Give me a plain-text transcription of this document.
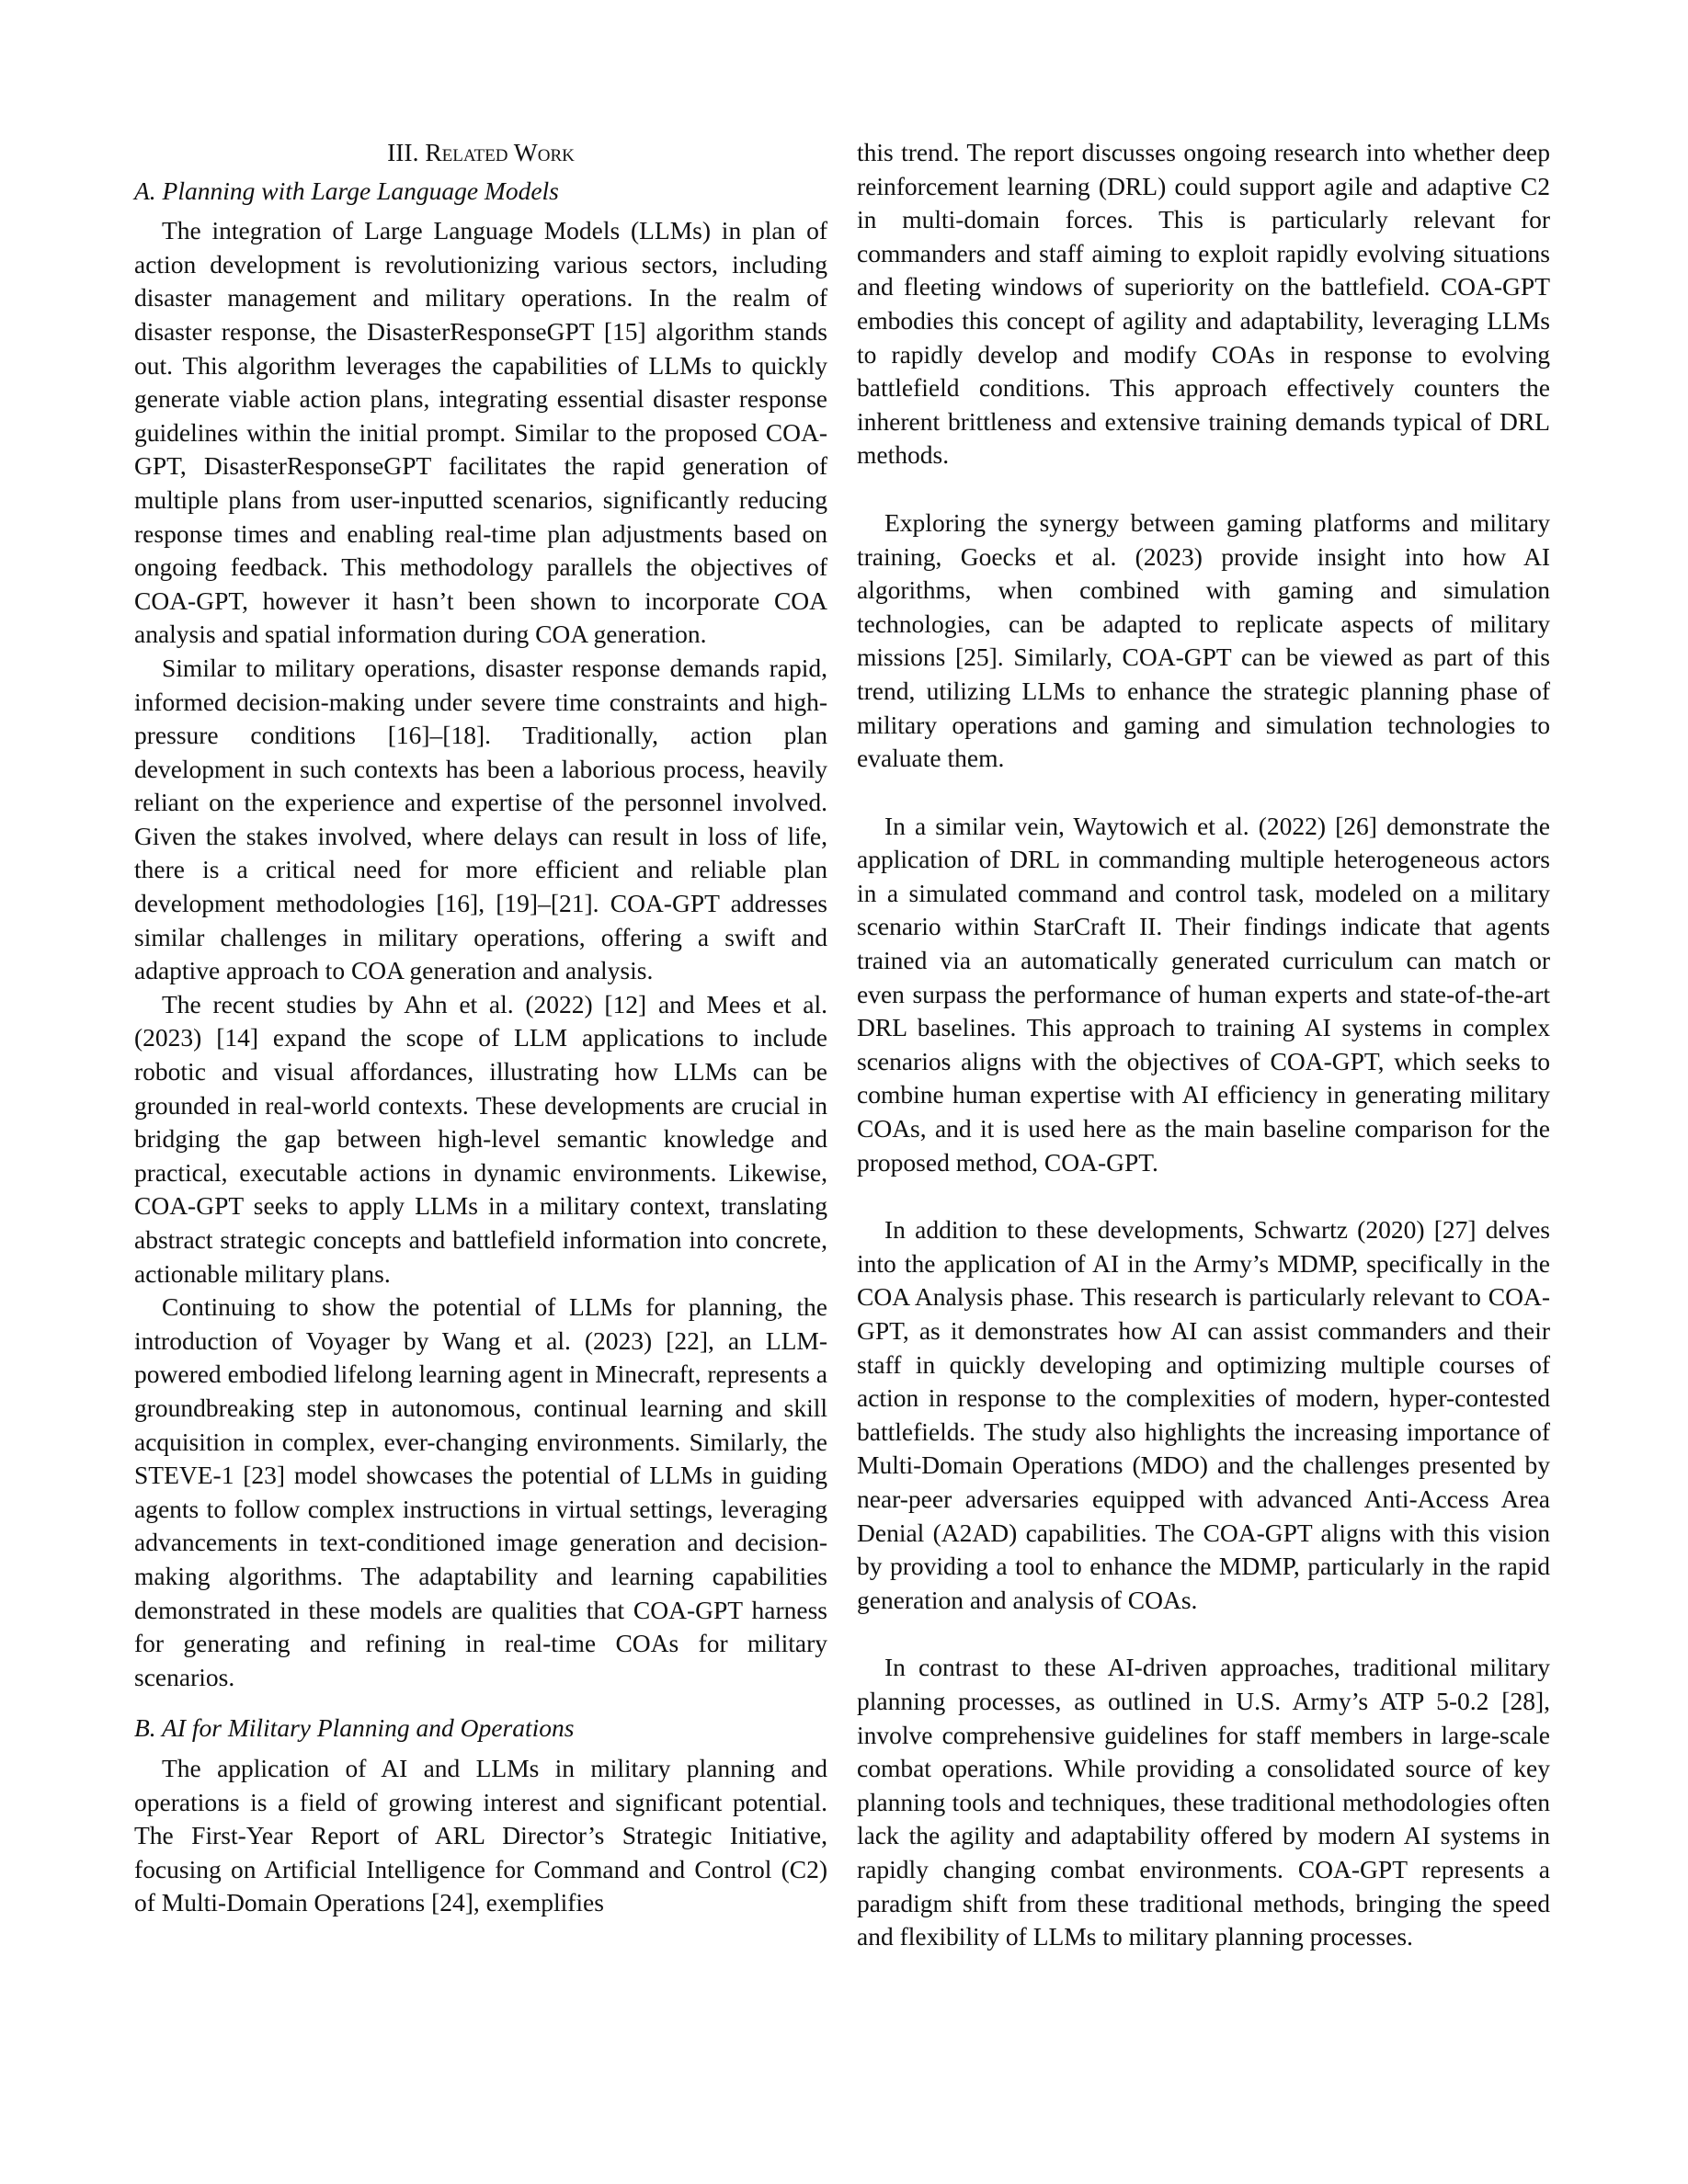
III. Related Work
A. Planning with Large Language Models

The integration of Large Language Models (LLMs) in plan of action development is revolutionizing various sectors, including disaster management and military operations. In the realm of disaster response, the DisasterResponseGPT [15] algorithm stands out. This algorithm leverages the capabilities of LLMs to quickly generate viable action plans, integrating essential disaster response guidelines within the initial prompt. Similar to the proposed COA-GPT, DisasterResponseGPT facilitates the rapid generation of multiple plans from user-inputted scenarios, significantly reducing response times and enabling real-time plan adjustments based on ongoing feedback. This methodology parallels the objectives of COA-GPT, however it hasn’t been shown to incorporate COA analysis and spatial information during COA generation.

Similar to military operations, disaster response demands rapid, informed decision-making under severe time constraints and high-pressure conditions [16]–[18]. Traditionally, action plan development in such contexts has been a laborious process, heavily reliant on the experience and expertise of the personnel involved. Given the stakes involved, where delays can result in loss of life, there is a critical need for more efficient and reliable plan development methodologies [16], [19]–[21]. COA-GPT addresses similar challenges in military operations, offering a swift and adaptive approach to COA generation and analysis.

The recent studies by Ahn et al. (2022) [12] and Mees et al. (2023) [14] expand the scope of LLM applications to include robotic and visual affordances, illustrating how LLMs can be grounded in real-world contexts. These developments are crucial in bridging the gap between high-level semantic knowledge and practical, executable actions in dynamic environments. Likewise, COA-GPT seeks to apply LLMs in a military context, translating abstract strategic concepts and battlefield information into concrete, actionable military plans.

Continuing to show the potential of LLMs for planning, the introduction of Voyager by Wang et al. (2023) [22], an LLM-powered embodied lifelong learning agent in Minecraft, represents a groundbreaking step in autonomous, continual learning and skill acquisition in complex, ever-changing environments. Similarly, the STEVE-1 [23] model showcases the potential of LLMs in guiding agents to follow complex instructions in virtual settings, leveraging advancements in text-conditioned image generation and decision-making algorithms. The adaptability and learning capabilities demonstrated in these models are qualities that COA-GPT harness for generating and refining in real-time COAs for military scenarios.

B. AI for Military Planning and Operations

The application of AI and LLMs in military planning and operations is a field of growing interest and significant potential. The First-Year Report of ARL Director’s Strategic Initiative, focusing on Artificial Intelligence for Command and Control (C2) of Multi-Domain Operations [24], exemplifies

this trend. The report discusses ongoing research into whether deep reinforcement learning (DRL) could support agile and adaptive C2 in multi-domain forces. This is particularly relevant for commanders and staff aiming to exploit rapidly evolving situations and fleeting windows of superiority on the battlefield. COA-GPT embodies this concept of agility and adaptability, leveraging LLMs to rapidly develop and modify COAs in response to evolving battlefield conditions. This approach effectively counters the inherent brittleness and extensive training demands typical of DRL methods.

Exploring the synergy between gaming platforms and military training, Goecks et al. (2023) provide insight into how AI algorithms, when combined with gaming and simulation technologies, can be adapted to replicate aspects of military missions [25]. Similarly, COA-GPT can be viewed as part of this trend, utilizing LLMs to enhance the strategic planning phase of military operations and gaming and simulation technologies to evaluate them.

In a similar vein, Waytowich et al. (2022) [26] demonstrate the application of DRL in commanding multiple heterogeneous actors in a simulated command and control task, modeled on a military scenario within StarCraft II. Their findings indicate that agents trained via an automatically generated curriculum can match or even surpass the performance of human experts and state-of-the-art DRL baselines. This approach to training AI systems in complex scenarios aligns with the objectives of COA-GPT, which seeks to combine human expertise with AI efficiency in generating military COAs, and it is used here as the main baseline comparison for the proposed method, COA-GPT.

In addition to these developments, Schwartz (2020) [27] delves into the application of AI in the Army’s MDMP, specifically in the COA Analysis phase. This research is particularly relevant to COA-GPT, as it demonstrates how AI can assist commanders and their staff in quickly developing and optimizing multiple courses of action in response to the complexities of modern, hyper-contested battlefields. The study also highlights the increasing importance of Multi-Domain Operations (MDO) and the challenges presented by near-peer adversaries equipped with advanced Anti-Access Area Denial (A2AD) capabilities. The COA-GPT aligns with this vision by providing a tool to enhance the MDMP, particularly in the rapid generation and analysis of COAs.

In contrast to these AI-driven approaches, traditional military planning processes, as outlined in U.S. Army’s ATP 5-0.2 [28], involve comprehensive guidelines for staff members in large-scale combat operations. While providing a consolidated source of key planning tools and techniques, these traditional methodologies often lack the agility and adaptability offered by modern AI systems in rapidly changing combat environments. COA-GPT represents a paradigm shift from these traditional methods, bringing the speed and flexibility of LLMs to military planning processes.
